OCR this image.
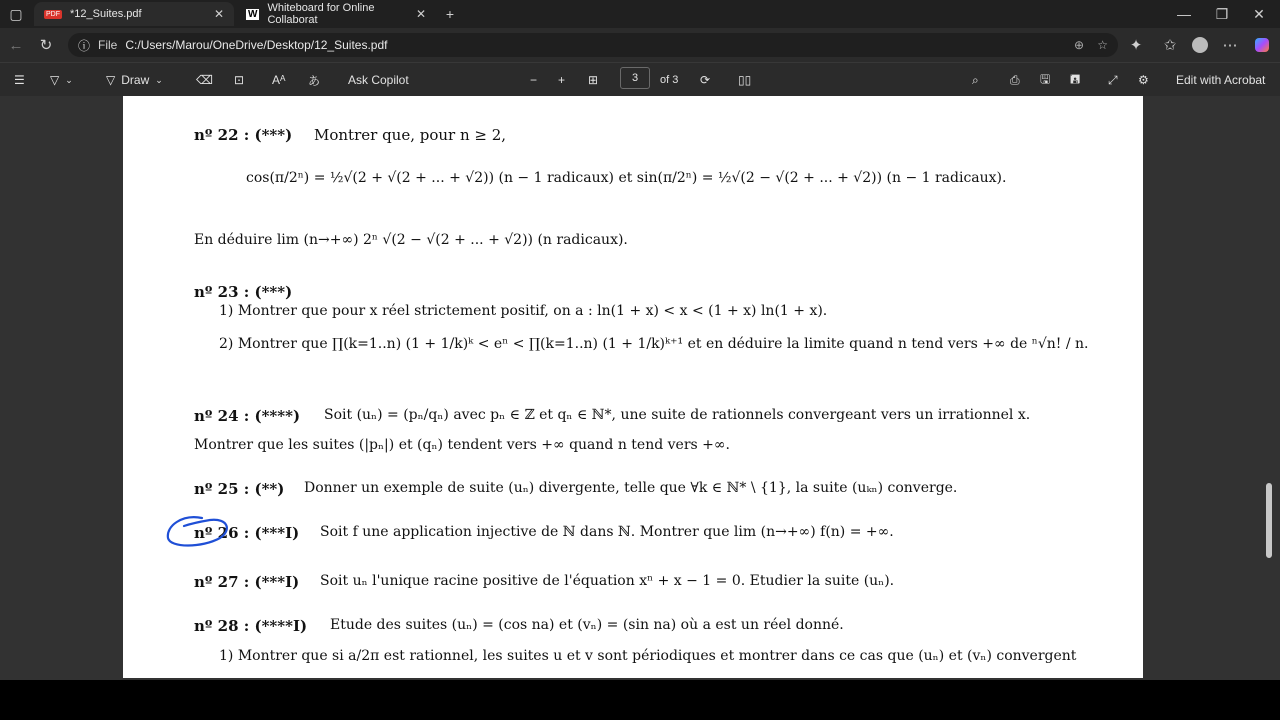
▢	PDF *12_Suites.pdf	✕ W Whiteboard for Online Collaborat	✕	+	—	❐	✕
←	↻	ⓘ File C:/Users/Marou/OneDrive/Desktop/12_Suites.pdf	⊕ ☆	✦	✩	⋯
☰ ▽ ⌄	▽ Draw ⌄	⌫ ⊡ Aᴬ あ Ask Copilot	− + ⊞	3	of 3 ⟳ ▯▯	⌕	⎙ 🖫 🖪 ⤢ ⚙ Edit with Acrobat
nº 22 : (***) Montrer que, pour n ≥ 2,
cos(π/2ⁿ) = ½√(2 + √(2 + ... + √2)) (n − 1 radicaux) et sin(π/2ⁿ) = ½√(2 − √(2 + ... + √2)) (n − 1 radicaux).
En déduire lim (n→+∞) 2ⁿ √(2 − √(2 + ... + √2)) (n radicaux).
nº 23 : (***)
1) Montrer que pour x réel strictement positif, on a : ln(1 + x) < x < (1 + x) ln(1 + x).
2) Montrer que ∏(k=1..n) (1 + 1/k)ᵏ < eⁿ < ∏(k=1..n) (1 + 1/k)ᵏ⁺¹ et en déduire la limite quand n tend vers +∞ de ⁿ√n! / n.
nº 24 : (****) Soit (uₙ) = (pₙ/qₙ) avec pₙ ∈ ℤ et qₙ ∈ ℕ*, une suite de rationnels convergeant vers un irrationnel x.
Montrer que les suites (|pₙ|) et (qₙ) tendent vers +∞ quand n tend vers +∞.
nº 25 : (**) Donner un exemple de suite (uₙ) divergente, telle que ∀k ∈ ℕ* \ {1}, la suite (uₖₙ) converge.
nº 26 : (***I) Soit f une application injective de ℕ dans ℕ. Montrer que lim (n→+∞) f(n) = +∞.
nº 27 : (***I) Soit uₙ l'unique racine positive de l'équation xⁿ + x − 1 = 0. Etudier la suite (uₙ).
nº 28 : (****I) Etude des suites (uₙ) = (cos na) et (vₙ) = (sin na) où a est un réel donné.
1) Montrer que si a/2π est rationnel, les suites u et v sont périodiques et montrer dans ce cas que (uₙ) et (vₙ) convergent
